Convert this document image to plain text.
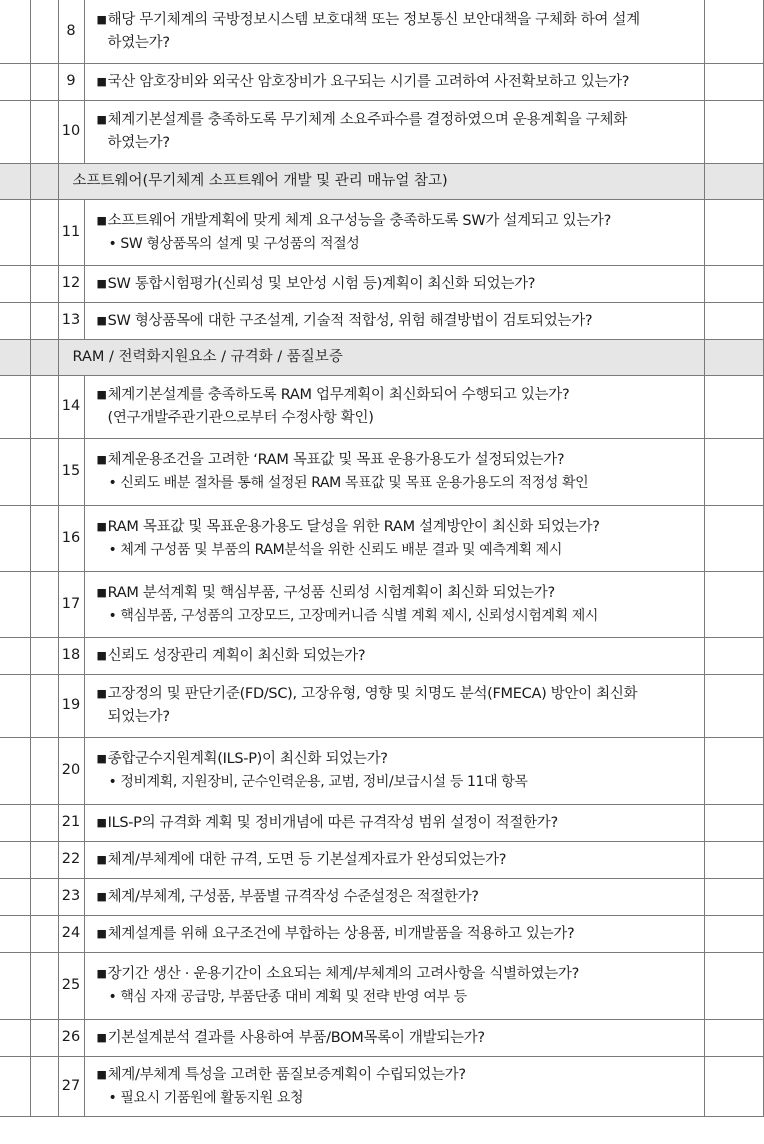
		8	■해당 무기체계의 국방정보시스템 보호대책 또는 정보통신 보안대책을 구체화 하여 설계
하였는가?	

		9	■국산 암호장비와 외국산 암호장비가 요구되는 시기를 고려하여 사전확보하고 있는가?	

		10	■체계기본설계를 충족하도록 무기체계 소요주파수를 결정하였으며 운용계획을 구체화
하였는가?	

		소프트웨어(무기체계 소프트웨어 개발 및 관리 매뉴얼 참고)		
		11	■소프트웨어 개발계획에 맞게 체계 요구성능을 충족하도록 SW가 설계되고 있는가?
• SW 형상품목의 설계 및 구성품의 적절성	

		12	■SW 통합시험평가(신뢰성 및 보안성 시험 등)계획이 최신화 되었는가?	

		13	■SW 형상품목에 대한 구조설계, 기술적 적합성, 위험 해결방법이 검토되었는가?	

		RAM / 전력화지원요소 / 규격화 / 품질보증		
		14	■체계기본설계를 충족하도록 RAM 업무계획이 최신화되어 수행되고 있는가?
(연구개발주관기관으로부터 수정사항 확인)	

		15	■체계운용조건을 고려한 ‘RAM 목표값 및 목표 운용가용도가 설정되었는가?
• 신뢰도 배분 절차를 통해 설정된 RAM 목표값 및 목표 운용가용도의 적정성 확인	

		16	■RAM 목표값 및 목표운용가용도 달성을 위한 RAM 설계방안이 최신화 되었는가?
• 체계 구성품 및 부품의 RAM분석을 위한 신뢰도 배분 결과 및 예측계획 제시	

		17	■RAM 분석계획 및 핵심부품, 구성품 신뢰성 시험계획이 최신화 되었는가?
• 핵심부품, 구성품의 고장모드, 고장메커니즘 식별 계획 제시, 신뢰성시험계획 제시	

		18	■신뢰도 성장관리 계획이 최신화 되었는가?	

		19	■고장정의 및 판단기준(FD/SC), 고장유형, 영향 및 치명도 분석(FMECA) 방안이 최신화
되었는가?	

		20	■종합군수지원계획(ILS-P)이 최신화 되었는가?
• 정비계획, 지원장비, 군수인력운용, 교범, 정비/보급시설 등 11대 항목	

		21	■ILS-P의 규격화 계획 및 정비개념에 따른 규격작성 범위 설정이 적절한가?	

		22	■체계/부체계에 대한 규격, 도면 등 기본설계자료가 완성되었는가?	

		23	■체계/부체계, 구성품, 부품별 규격작성 수준설정은 적절한가?	

		24	■체계설계를 위해 요구조건에 부합하는 상용품, 비개발품을 적용하고 있는가?	

		25	■장기간 생산 · 운용기간이 소요되는 체계/부체계의 고려사항을 식별하였는가?
• 핵심 자재 공급망, 부품단종 대비 계획 및 전략 반영 여부 등	

		26	■기본설계분석 결과를 사용하여 부품/BOM목록이 개발되는가?	

		27	■체계/부체계 특성을 고려한 품질보증계획이 수립되었는가?
• 필요시 기품원에 활동지원 요청	
